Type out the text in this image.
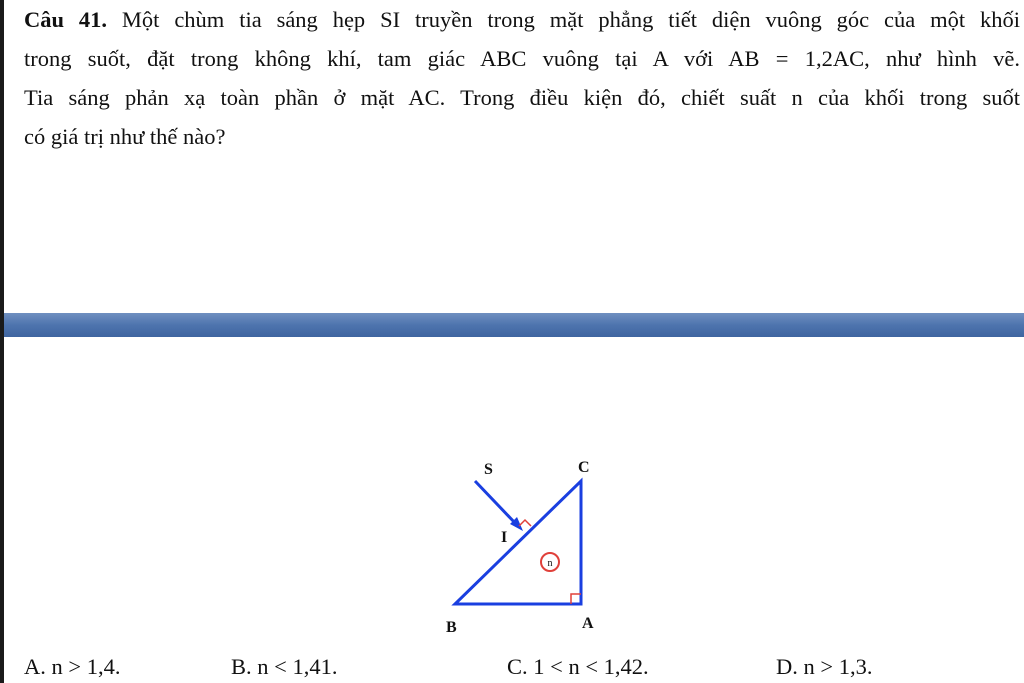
Câu 41. Một chùm tia sáng hẹp SI truyền trong mặt phẳng tiết diện vuông góc của một khối
trong suốt, đặt trong không khí, tam giác ABC vuông tại A với AB = 1,2AC, như hình vẽ.
Tia sáng phản xạ toàn phần ở mặt AC. Trong điều kiện đó, chiết suất n của khối trong suốt
có giá trị như thế nào?
n
S	C
I
B	A
A. n > 1,4.	B. n < 1,41.	C. 1 < n < 1,42.	D. n > 1,3.
